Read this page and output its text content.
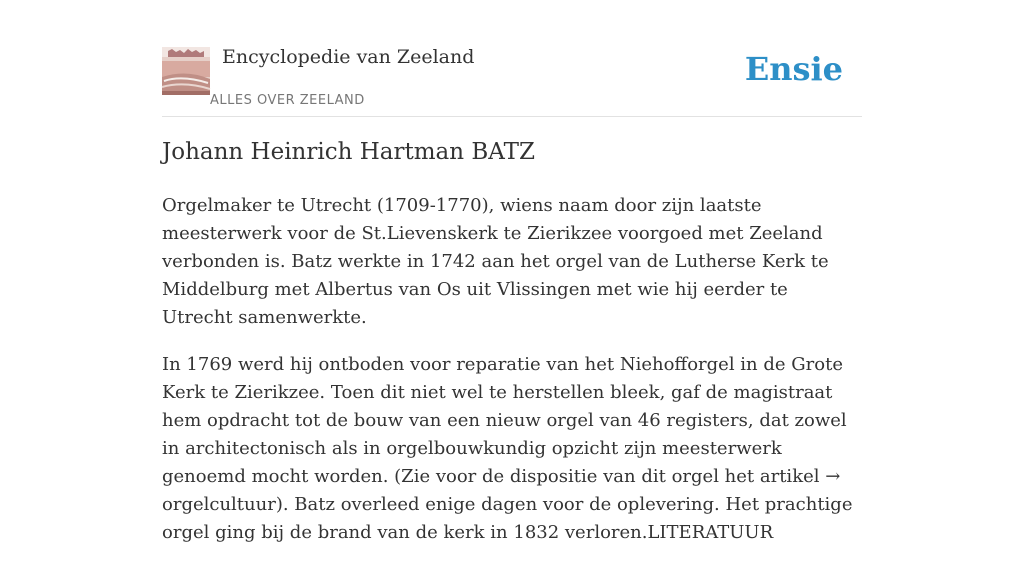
Encyclopedie van Zeeland
ALLES OVER ZEELAND
Ensie
Johann Heinrich Hartman BATZ

Orgelmaker te Utrecht (1709-1770), wiens naam door zijn laatste meesterwerk voor de St.Lievenskerk te Zierikzee voorgoed met Zeeland verbonden is. Batz werkte in 1742 aan het orgel van de Lutherse Kerk te Middelburg met Albertus van Os uit Vlissingen met wie hij eerder te Utrecht samenwerkte.

In 1769 werd hij ontboden voor reparatie van het Niehofforgel in de Grote Kerk te Zierikzee. Toen dit niet wel te herstellen bleek, gaf de magistraat hem opdracht tot de bouw van een nieuw orgel van 46 registers, dat zowel in architectonisch als in orgelbouwkundig opzicht zijn meesterwerk genoemd mocht worden. (Zie voor de dispositie van dit orgel het artikel → orgelcultuur). Batz overleed enige dagen voor de oplevering. Het prachtige orgel ging bij de brand van de kerk in 1832 verloren.LITERATUUR
